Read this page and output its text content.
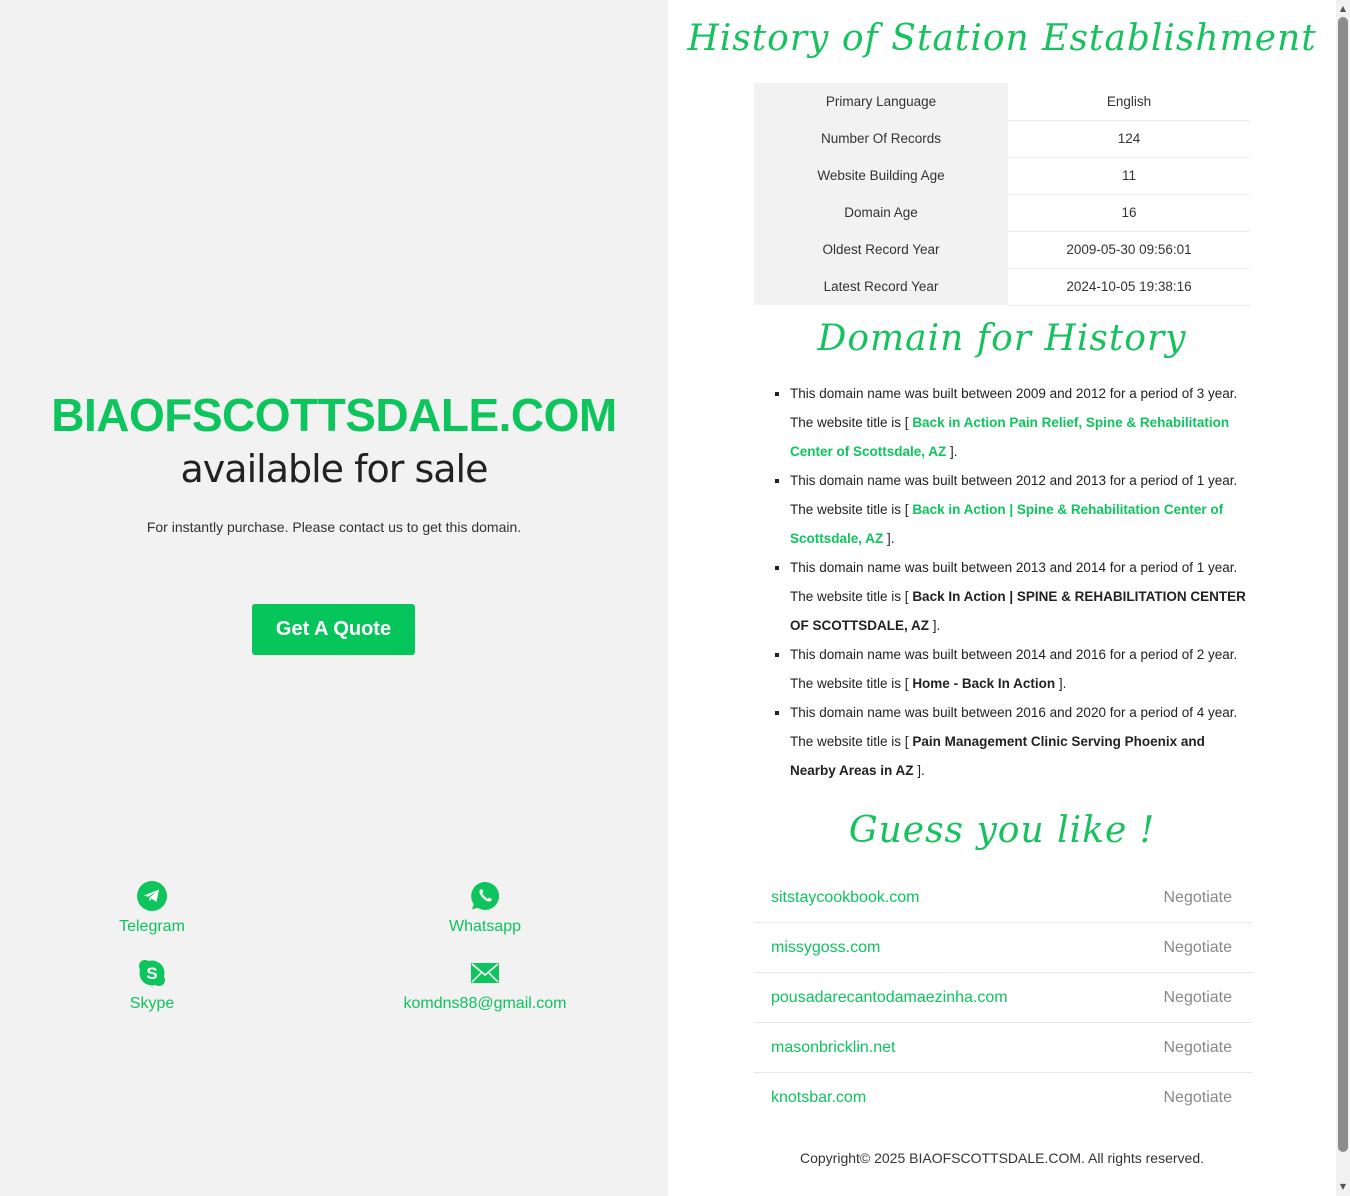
BIAOFSCOTTSDALE.COM
available for sale
For instantly purchase. Please contact us to get this domain.
Get A Quote
Telegram	Whatsapp
S
Skype	komdns88@gmail.com
History of Station Establishment
Primary Language	English
Number Of Records	124
Website Building Age	11
Domain Age	16
Oldest Record Year	2009-05-30 09:56:01
Latest Record Year	2024-10-05 19:38:16
Domain for History
▪ This domain name was built between 2009 and 2012 for a period of 3 year. The website title is [ Back in Action Pain Relief, Spine & Rehabilitation Center of Scottsdale, AZ ].
▪ This domain name was built between 2012 and 2013 for a period of 1 year. The website title is [ Back in Action | Spine & Rehabilitation Center of Scottsdale, AZ ].
▪ This domain name was built between 2013 and 2014 for a period of 1 year. The website title is [ Back In Action | SPINE & REHABILITATION CENTER OF SCOTTSDALE, AZ ].
▪ This domain name was built between 2014 and 2016 for a period of 2 year. The website title is [ Home - Back In Action ].
▪ This domain name was built between 2016 and 2020 for a period of 4 year. The website title is [ Pain Management Clinic Serving Phoenix and Nearby Areas in AZ ].
Guess you like !
sitstaycookbook.com	Negotiate
missygoss.com	Negotiate
pousadarecantodamaezinha.com	Negotiate
masonbricklin.net	Negotiate
knotsbar.com	Negotiate
Copyright© 2025 BIAOFSCOTTSDALE.COM. All rights reserved.
▲
▼
